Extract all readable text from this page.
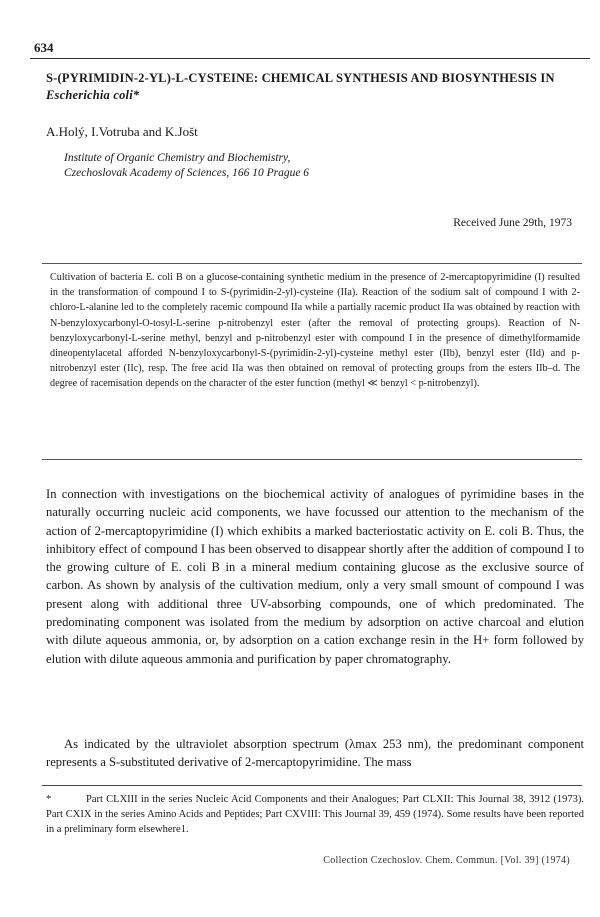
634
S-(PYRIMIDIN-2-YL)-L-CYSTEINE: CHEMICAL SYNTHESIS AND BIOSYNTHESIS IN Escherichia coli*
A.Holý, I.Votruba and K.Jošt
Institute of Organic Chemistry and Biochemistry,
Czechoslovak Academy of Sciences, 166 10 Prague 6
Received June 29th, 1973
Cultivation of bacteria E. coli B on a glucose-containing synthetic medium in the presence of 2-mercaptopyrimidine (I) resulted in the transformation of compound I to S-(pyrimidin-2-yl)-cysteine (IIa). Reaction of the sodium salt of compound I with 2-chloro-L-alanine led to the completely racemic compound IIa while a partially racemic product IIa was obtained by reaction with N-benzyloxycarbonyl-O-tosyl-L-serine p-nitrobenzyl ester (after the removal of protecting groups). Reaction of N-benzyloxycarbonyl-L-serine methyl, benzyl and p-nitrobenzyl ester with compound I in the presence of dimethylformamide dineopentylacetal afforded N-benzyloxycarbonyl-S-(pyrimidin-2-yl)-cysteine methyl ester (IIb), benzyl ester (IId) and p-nitrobenzyl ester (IIc), resp. The free acid IIa was then obtained on removal of protecting groups from the esters IIb–d. The degree of racemisation depends on the character of the ester function (methyl ≪ benzyl < p-nitrobenzyl).

In connection with investigations on the biochemical activity of analogues of pyrimidine bases in the naturally occurring nucleic acid components, we have focussed our attention to the mechanism of the action of 2-mercaptopyrimidine (I) which exhibits a marked bacteriostatic activity on E. coli B. Thus, the inhibitory effect of compound I has been observed to disappear shortly after the addition of compound I to the growing culture of E. coli B in a mineral medium containing glucose as the exclusive source of carbon. As shown by analysis of the cultivation medium, only a very small smount of compound I was present along with additional three UV-absorbing compounds, one of which predominated. The predominating component was isolated from the medium by adsorption on active charcoal and elution with dilute aqueous ammonia, or, by adsorption on a cation exchange resin in the H+ form followed by elution with dilute aqueous ammonia and purification by paper chromatography.

As indicated by the ultraviolet absorption spectrum (λmax 253 nm), the predominant component represents a S-substituted derivative of 2-mercaptopyrimidine. The mass

*	Part CLXIII in the series Nucleic Acid Components and their Analogues; Part CLXII: This Journal 38, 3912 (1973). Part CXIX in the series Amino Acids and Peptides; Part CXVIII: This Journal 39, 459 (1974). Some results have been reported in a preliminary form elsewhere1.
Collection Czechoslov. Chem. Commun. [Vol. 39] (1974)
